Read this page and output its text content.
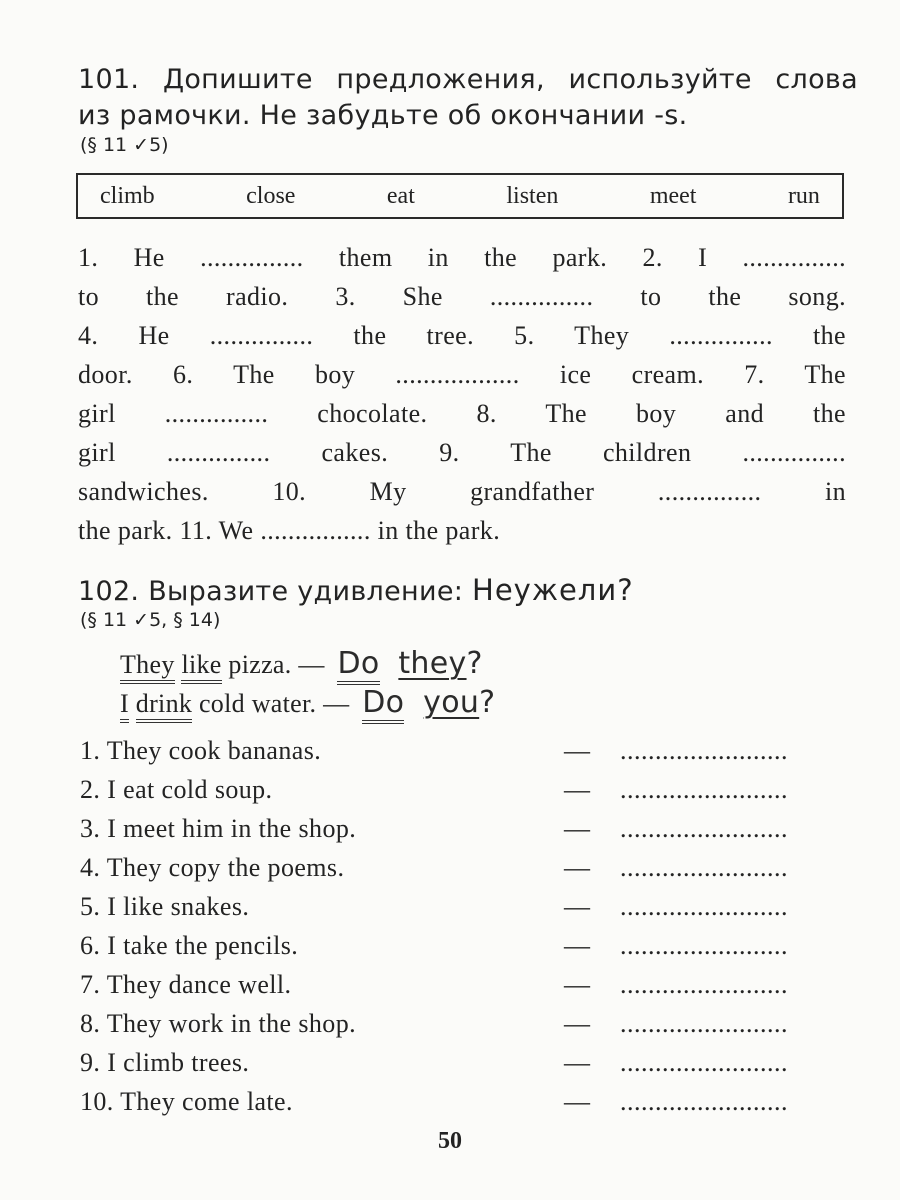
101. Допишите предложения, используйте слова
из рамочки. Не забудьте об окончании -s.
(§ 11 ✓5)
climb	close	eat	listen	meet	run
1. He ............... them in the park. 2. I ...............
to the radio. 3. She ............... to the song.
4. He ............... the tree. 5. They ............... the
door. 6. The boy .................. ice cream. 7. The
girl ............... chocolate. 8. The boy and the
girl ............... cakes. 9. The children ...............
sandwiches. 10. My grandfather ............... in
the park. 11. We ................ in the park.
102. Выразите удивление: Неужели?
(§ 11 ✓5, § 14)
They like pizza. — Do they?
I drink cold water. — Do you?
1. They cook bananas.	— ........................
2. I eat cold soup.	— ........................
3. I meet him in the shop.	— ........................
4. They copy the poems.	— ........................
5. I like snakes.	— ........................
6. I take the pencils.	— ........................
7. They dance well.	— ........................
8. They work in the shop.	— ........................
9. I climb trees.	— ........................
10. They come late.	— ........................
50
